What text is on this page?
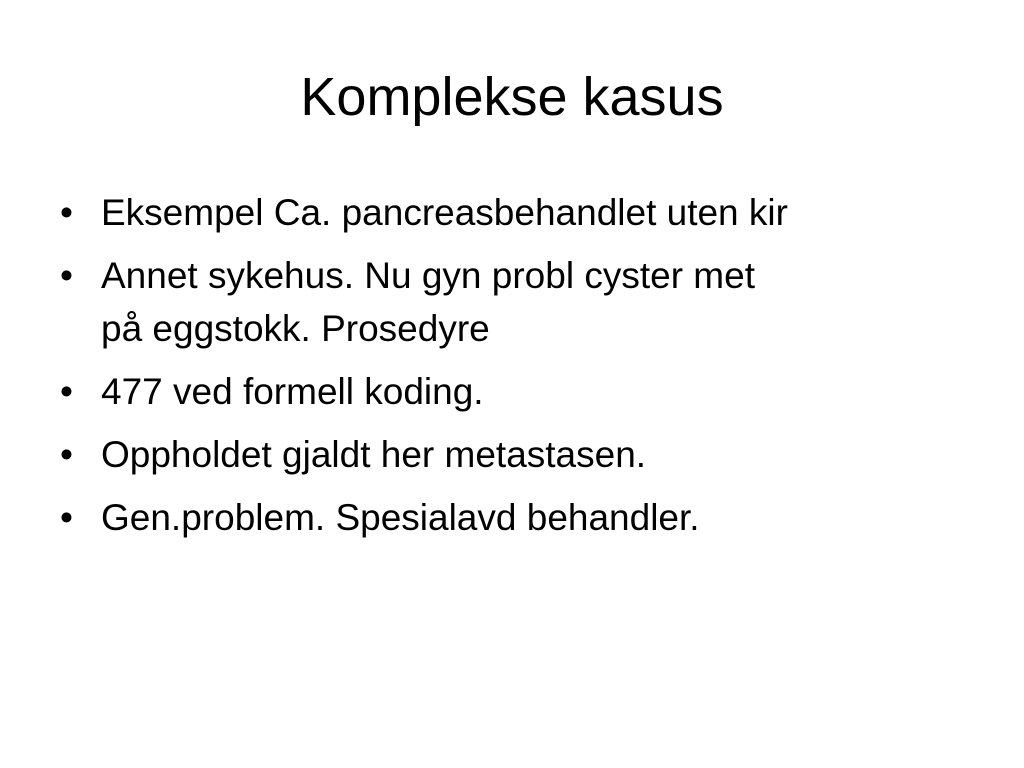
Komplekse kasus
• Eksempel Ca. pancreasbehandlet uten kir
• Annet sykehus. Nu gyn probl cyster met
på eggstokk. Prosedyre
• 477 ved formell koding.
• Oppholdet gjaldt her metastasen.
• Gen.problem. Spesialavd behandler.
